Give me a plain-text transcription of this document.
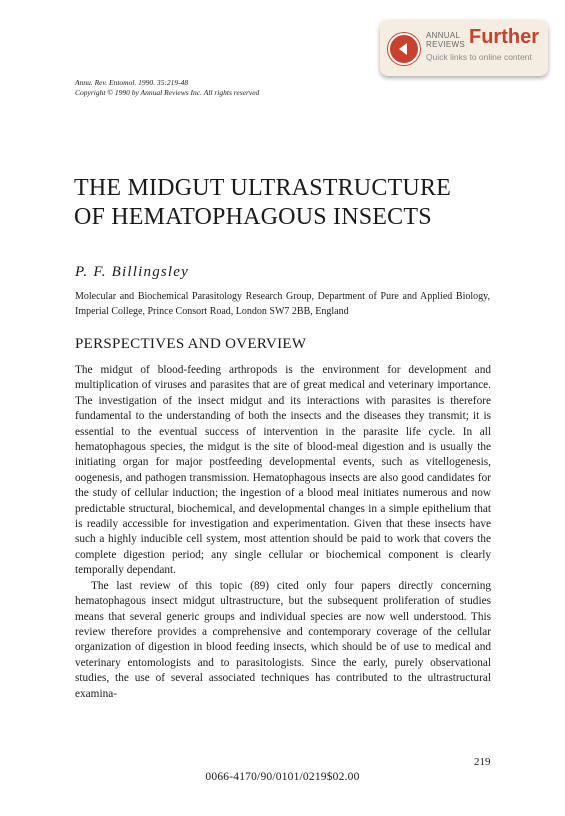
ANNUAL
REVIEWS Further
Quick links to online content
Annu. Rev. Entomol. 1990. 35:219-48
Copyright © 1990 by Annual Reviews Inc. All rights reserved
THE MIDGUT ULTRASTRUCTURE
OF HEMATOPHAGOUS INSECTS
P. F. Billingsley
Molecular and Biochemical Parasitology Research Group, Department of Pure and Applied Biology, Imperial College, Prince Consort Road, London SW7 2BB, England
PERSPECTIVES AND OVERVIEW

The midgut of blood-feeding arthropods is the environment for development and multiplication of viruses and parasites that are of great medical and veterinary importance. The investigation of the insect midgut and its interactions with parasites is therefore fundamental to the understanding of both the insects and the diseases they transmit; it is essential to the eventual success of intervention in the parasite life cycle. In all hematophagous species, the midgut is the site of blood-meal digestion and is usually the initiating organ for major postfeeding developmental events, such as vitellogenesis, oogenesis, and pathogen transmission. Hematophagous insects are also good candidates for the study of cellular induction; the ingestion of a blood meal initiates numerous and now predictable structural, biochemical, and developmental changes in a simple epithelium that is readily accessible for investigation and experimentation. Given that these insects have such a highly inducible cell system, most attention should be paid to work that covers the complete digestion period; any single cellular or biochemical component is clearly temporally dependant.

The last review of this topic (89) cited only four papers directly concerning hematophagous insect midgut ultrastructure, but the subsequent proliferation of studies means that several generic groups and individual species are now well understood. This review therefore provides a comprehensive and contemporary coverage of the cellular organization of digestion in blood feeding insects, which should be of use to medical and veterinary entomologists and to parasitologists. Since the early, purely observational studies, the use of several associated techniques has contributed to the ultrastructural examina-

219
0066-4170/90/0101/0219$02.00
